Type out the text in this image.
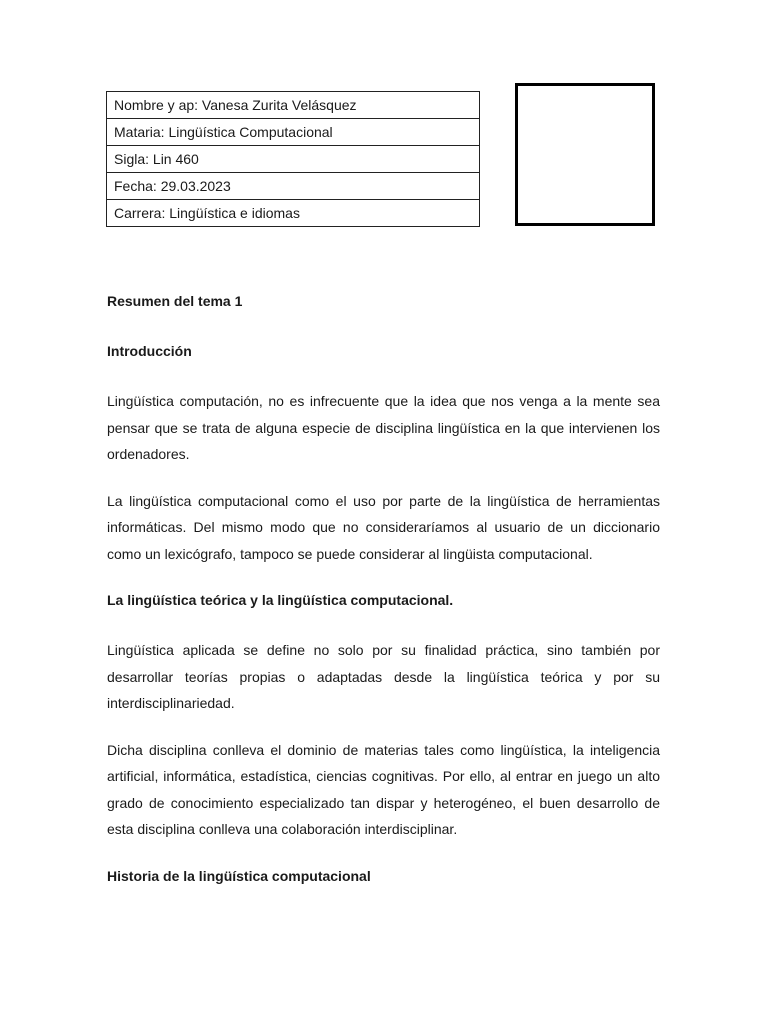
Nombre y ap: Vanesa Zurita Velásquez
Mataria: Lingüística Computacional
Sigla: Lin 460
Fecha: 29.03.2023
Carrera: Lingüística e idiomas

Resumen del tema 1

Introducción

Lingüística computación, no es infrecuente que la idea que nos venga a la mente sea pensar que se trata de alguna especie de disciplina lingüística en la que intervienen los ordenadores.

La lingüística computacional como el uso por parte de la lingüística de herramientas informáticas. Del mismo modo que no consideraríamos al usuario de un diccionario como un lexicógrafo, tampoco se puede considerar al lingüista computacional.

La lingüística teórica y la lingüística computacional.

Lingüística aplicada se define no solo por su finalidad práctica, sino también por desarrollar teorías propias o adaptadas desde la lingüística teórica y por su interdisciplinariedad.

Dicha disciplina conlleva el dominio de materias tales como lingüística, la inteligencia artificial, informática, estadística, ciencias cognitivas. Por ello, al entrar en juego un alto grado de conocimiento especializado tan dispar y heterogéneo, el buen desarrollo de esta disciplina conlleva una colaboración interdisciplinar.

Historia de la lingüística computacional
